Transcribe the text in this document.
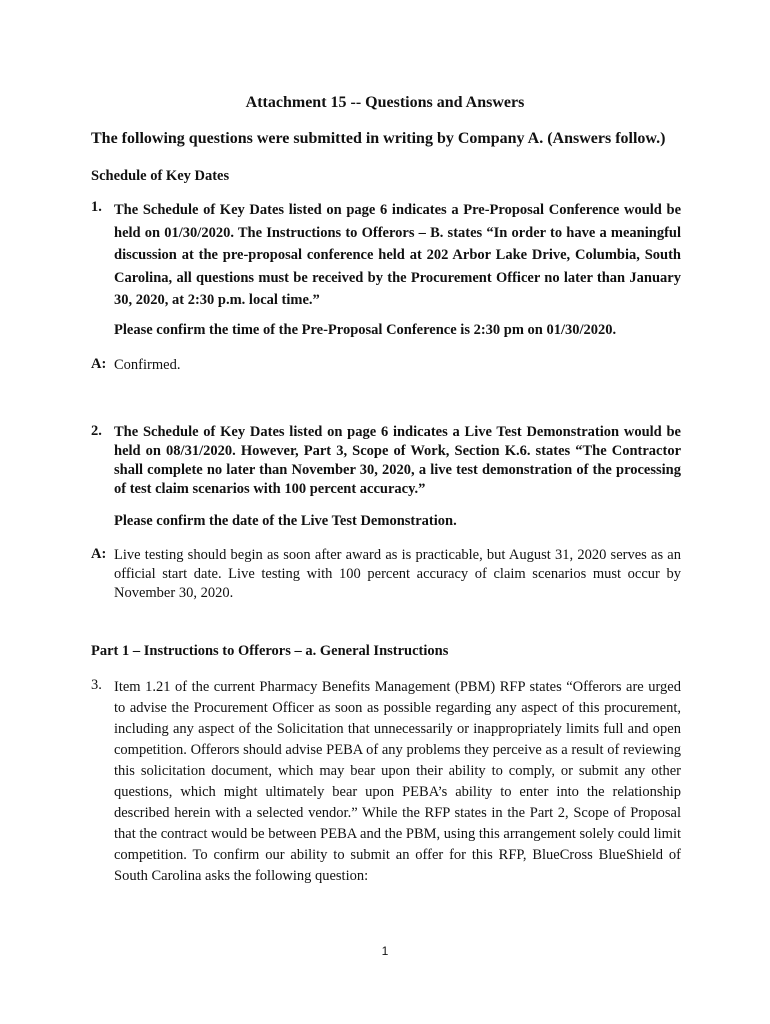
Attachment 15 -- Questions and Answers
The following questions were submitted in writing by Company A. (Answers follow.)
Schedule of Key Dates
1. The Schedule of Key Dates listed on page 6 indicates a Pre-Proposal Conference would be held on 01/30/2020. The Instructions to Offerors – B. states “In order to have a meaningful discussion at the pre-proposal conference held at 202 Arbor Lake Drive, Columbia, South Carolina, all questions must be received by the Procurement Officer no later than January 30, 2020, at 2:30 p.m. local time.”
Please confirm the time of the Pre-Proposal Conference is 2:30 pm on 01/30/2020.
A: Confirmed.
2. The Schedule of Key Dates listed on page 6 indicates a Live Test Demonstration would be held on 08/31/2020. However, Part 3, Scope of Work, Section K.6. states “The Contractor shall complete no later than November 30, 2020, a live test demonstration of the processing of test claim scenarios with 100 percent accuracy.”
Please confirm the date of the Live Test Demonstration.
A: Live testing should begin as soon after award as is practicable, but August 31, 2020 serves as an official start date. Live testing with 100 percent accuracy of claim scenarios must occur by November 30, 2020.
Part 1 – Instructions to Offerors – a. General Instructions
3. Item 1.21 of the current Pharmacy Benefits Management (PBM) RFP states “Offerors are urged to advise the Procurement Officer as soon as possible regarding any aspect of this procurement, including any aspect of the Solicitation that unnecessarily or inappropriately limits full and open competition. Offerors should advise PEBA of any problems they perceive as a result of reviewing this solicitation document, which may bear upon their ability to comply, or submit any other questions, which might ultimately bear upon PEBA’s ability to enter into the relationship described herein with a selected vendor.” While the RFP states in the Part 2, Scope of Proposal that the contract would be between PEBA and the PBM, using this arrangement solely could limit competition. To confirm our ability to submit an offer for this RFP, BlueCross BlueShield of South Carolina asks the following question:
1
